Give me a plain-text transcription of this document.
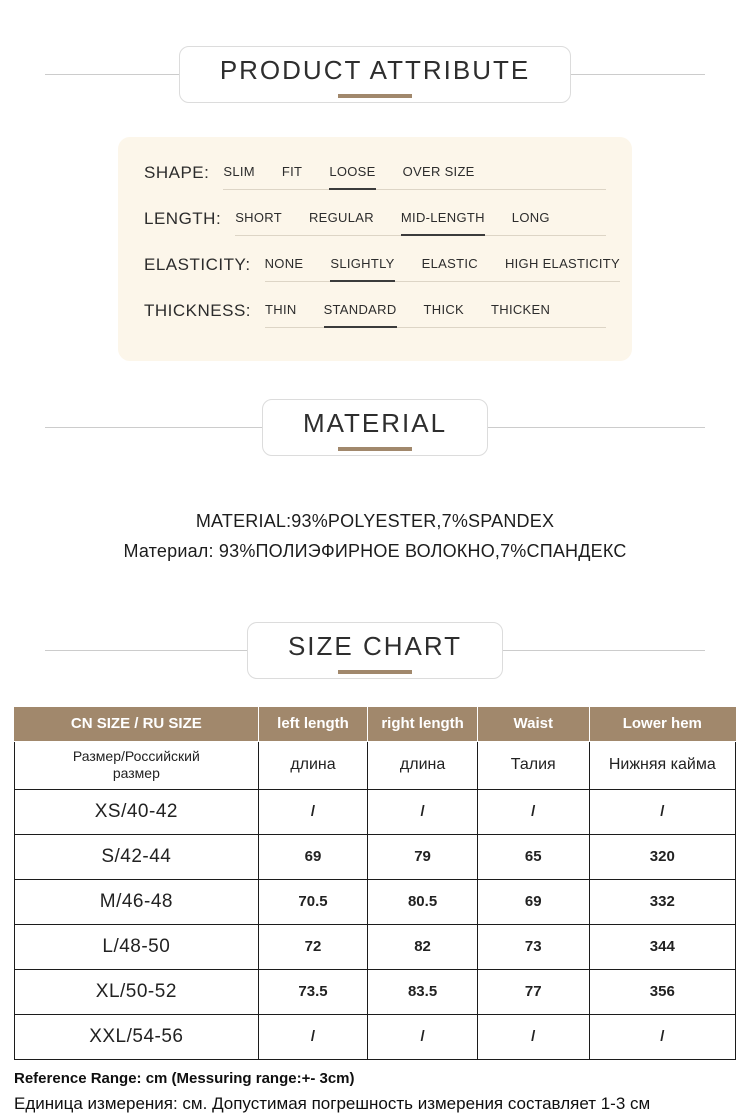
PRODUCT ATTRIBUTE
SHAPE: SLIM FIT LOOSE OVER SIZE
LENGTH: SHORT REGULAR MID-LENGTH LONG
ELASTICITY: NONE SLIGHTLY ELASTIC HIGH ELASTICITY
THICKNESS: THIN STANDARD THICK THICKEN
MATERIAL
MATERIAL:93%POLYESTER,7%SPANDEX
Материал: 93%ПОЛИЭФИРНОЕ ВОЛОКНО,7%СПАНДЕКС
SIZE CHART
CN SIZE / RU SIZE	left length	right length	Waist	Lower hem
Размер/Российский размер	длина	длина	Талия	Нижняя кайма
XS/40-42	/	/	/	/
S/42-44	69	79	65	320
M/46-48	70.5	80.5	69	332
L/48-50	72	82	73	344
XL/50-52	73.5	83.5	77	356
XXL/54-56	/	/	/	/
Reference Range: cm (Messuring range:+- 3cm)
Единица измерения: см. Допустимая погрешность измерения составляет 1-3 см
